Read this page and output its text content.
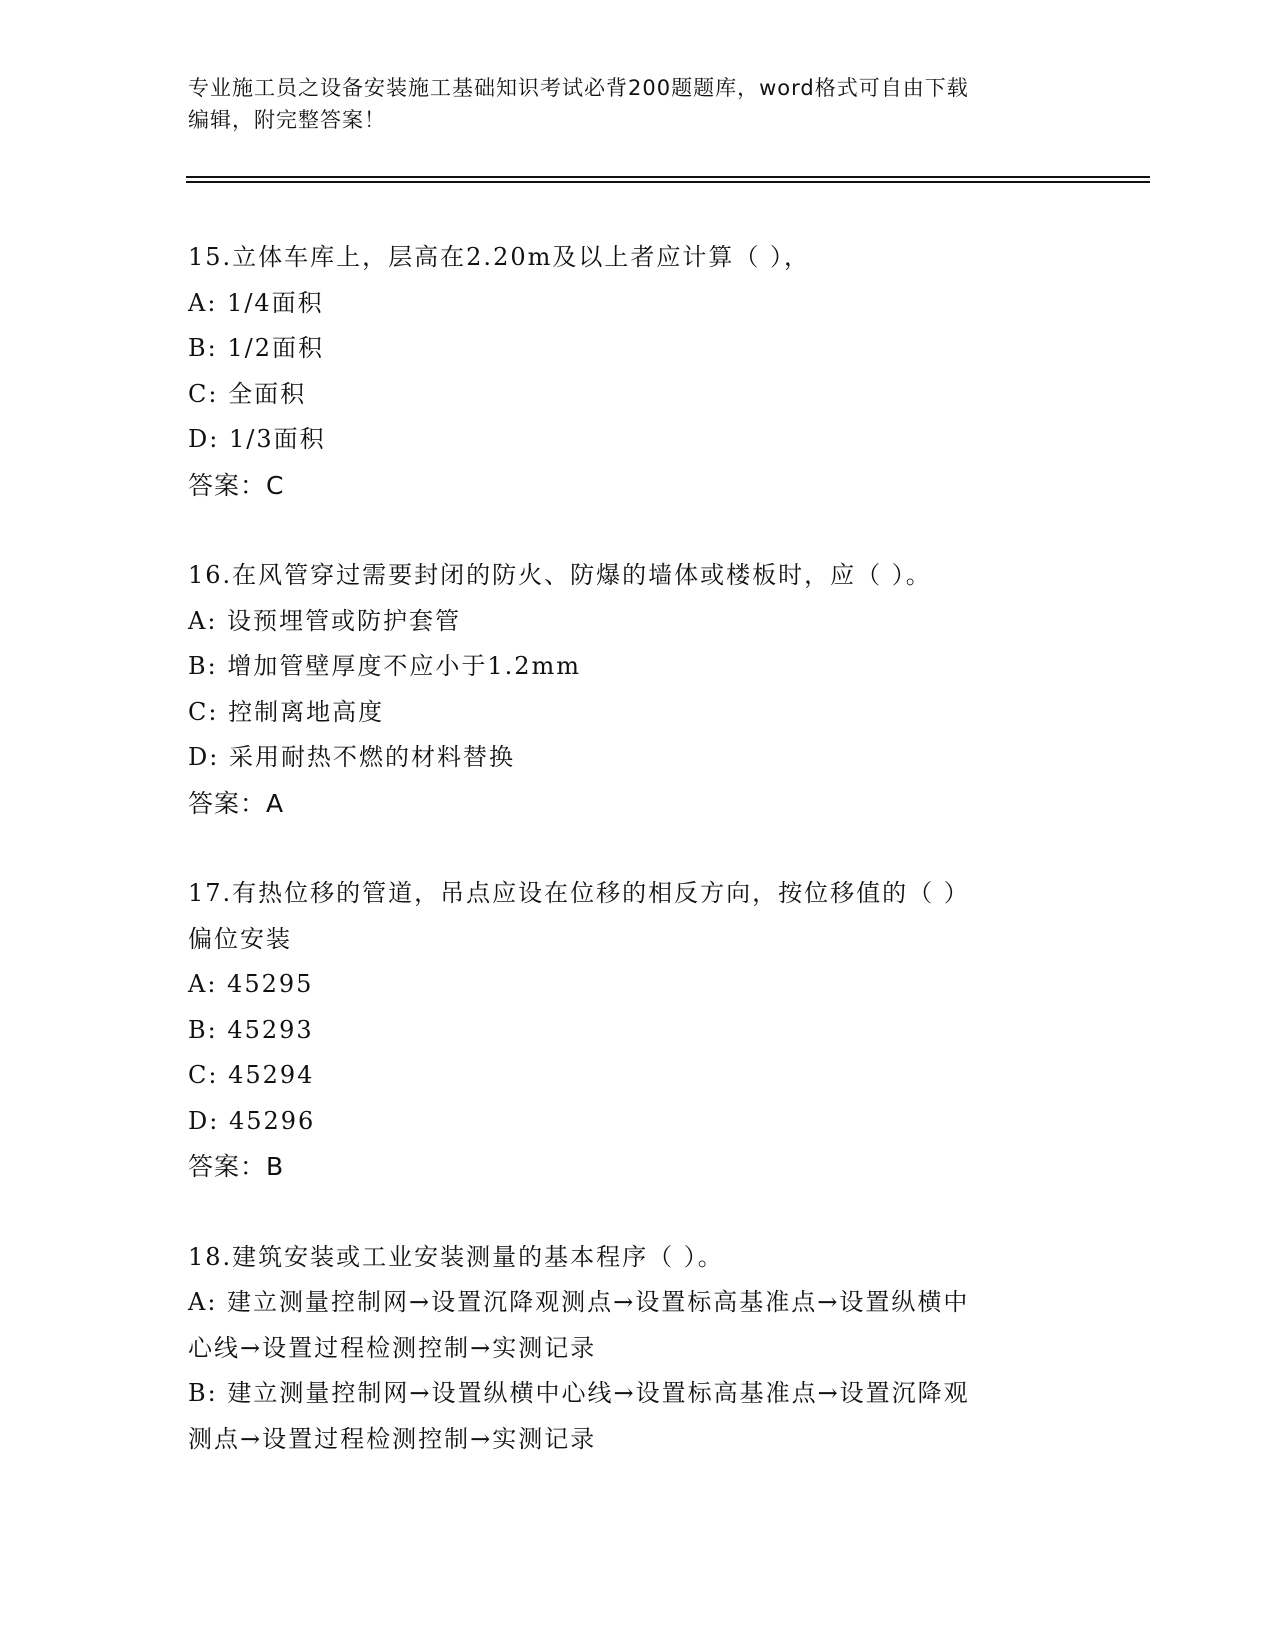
专业施工员之设备安装施工基础知识考试必背200题题库，word格式可自由下载
编辑，附完整答案！
15.立体车库上，层高在2.20m及以上者应计算（ ），
A: 1/4面积
B: 1/2面积
C: 全面积
D: 1/3面积
答案：C
16.在风管穿过需要封闭的防火、防爆的墙体或楼板时，应（ ）。
A: 设预埋管或防护套管
B: 增加管壁厚度不应小于1.2mm
C: 控制离地高度
D: 采用耐热不燃的材料替换
答案：A
17.有热位移的管道，吊点应设在位移的相反方向，按位移值的（ ）
偏位安装
A: 45295
B: 45293
C: 45294
D: 45296
答案：B
18.建筑安装或工业安装测量的基本程序（ ）。
A: 建立测量控制网→设置沉降观测点→设置标高基准点→设置纵横中
心线→设置过程检测控制→实测记录
B: 建立测量控制网→设置纵横中心线→设置标高基准点→设置沉降观
测点→设置过程检测控制→实测记录
